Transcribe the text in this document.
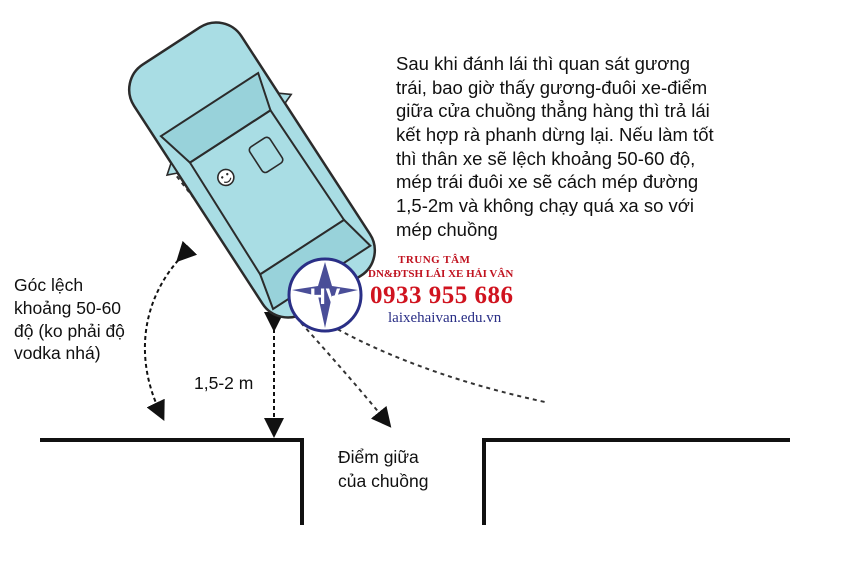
Sau khi đánh lái thì quan sát gương
trái, bao giờ thấy gương-đuôi xe-điểm
giữa cửa chuồng thẳng hàng thì trả lái
kết hợp rà phanh dừng lại. Nếu làm tốt
thì thân xe sẽ lệch khoảng 50-60 độ,
mép trái đuôi xe sẽ cách mép đường
1,5-2m và không chạy quá xa so với
mép chuồng
Góc lệch
khoảng 50-60
độ (ko phải độ
vodka nhá)
1,5-2 m
Điểm giữa
của chuồng
HV
TRUNG TÂM
DN&ĐTSH LÁI XE HẢI VÂN
0933 955 686
laixehaivan.edu.vn
